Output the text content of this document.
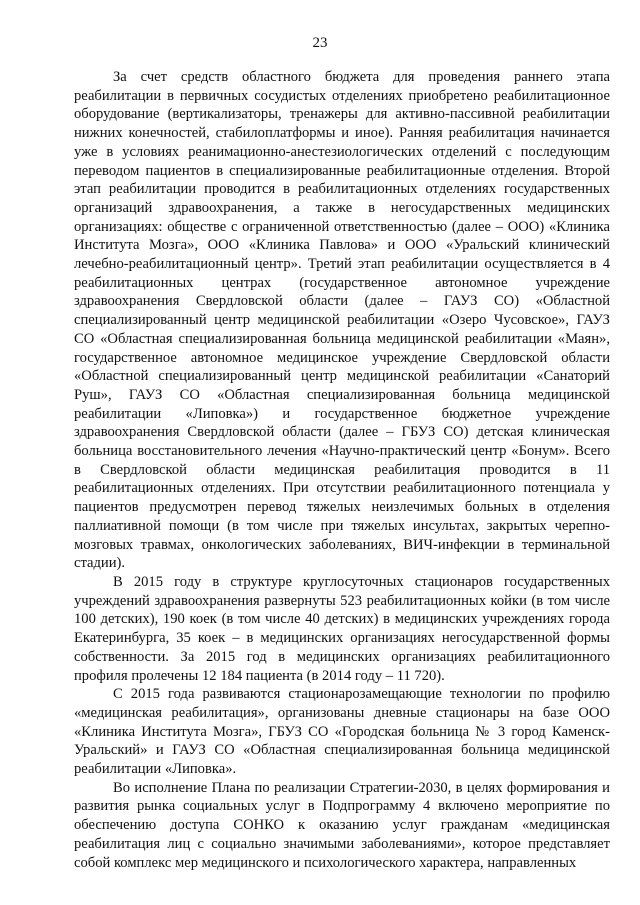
23

За счет средств областного бюджета для проведения раннего этапа реабилитации в первичных сосудистых отделениях приобретено реабилитационное оборудование (вертикализаторы, тренажеры для активно-пассивной реабилитации нижних конечностей, стабилоплатформы и иное). Ранняя реабилитация начинается уже в условиях реанимационно-анестезиологических отделений с последующим переводом пациентов в специализированные реабилитационные отделения. Второй этап реабилитации проводится в реабилитационных отделениях государственных организаций здравоохранения, а также в негосударственных медицинских организациях: обществе с ограниченной ответственностью (далее – ООО) «Клиника Института Мозга», ООО «Клиника Павлова» и ООО «Уральский клинический лечебно-реабилитационный центр». Третий этап реабилитации осуществляется в 4 реабилитационных центрах (государственное автономное учреждение здравоохранения Свердловской области (далее – ГАУЗ СО) «Областной специализированный центр медицинской реабилитации «Озеро Чусовское», ГАУЗ СО «Областная специализированная больница медицинской реабилитации «Маян», государственное автономное медицинское учреждение Свердловской области «Областной специализированный центр медицинской реабилитации «Санаторий Руш», ГАУЗ СО «Областная специализированная больница медицинской реабилитации «Липовка») и государственное бюджетное учреждение здравоохранения Свердловской области (далее – ГБУЗ СО) детская клиническая больница восстановительного лечения «Научно-практический центр «Бонум». Всего в Свердловской области медицинская реабилитация проводится в 11 реабилитационных отделениях. При отсутствии реабилитационного потенциала у пациентов предусмотрен перевод тяжелых неизлечимых больных в отделения паллиативной помощи (в том числе при тяжелых инсультах, закрытых черепно-мозговых травмах, онкологических заболеваниях, ВИЧ-инфекции в терминальной стадии).

В 2015 году в структуре круглосуточных стационаров государственных учреждений здравоохранения развернуты 523 реабилитационных койки (в том числе 100 детских), 190 коек (в том числе 40 детских) в медицинских учреждениях города Екатеринбурга, 35 коек – в медицинских организациях негосударственной формы собственности. За 2015 год в медицинских организациях реабилитационного профиля пролечены 12 184 пациента (в 2014 году – 11 720).

С 2015 года развиваются стационарозамещающие технологии по профилю «медицинская реабилитация», организованы дневные стационары на базе ООО «Клиника Института Мозга», ГБУЗ СО «Городская больница № 3 город Каменск-Уральский» и ГАУЗ СО «Областная специализированная больница медицинской реабилитации «Липовка».

Во исполнение Плана по реализации Стратегии-2030, в целях формирования и развития рынка социальных услуг в Подпрограмму 4 включено мероприятие по обеспечению доступа СОНКО к оказанию услуг гражданам «медицинская реабилитация лиц с социально значимыми заболеваниями», которое представляет собой комплекс мер медицинского и психологического характера, направленных
